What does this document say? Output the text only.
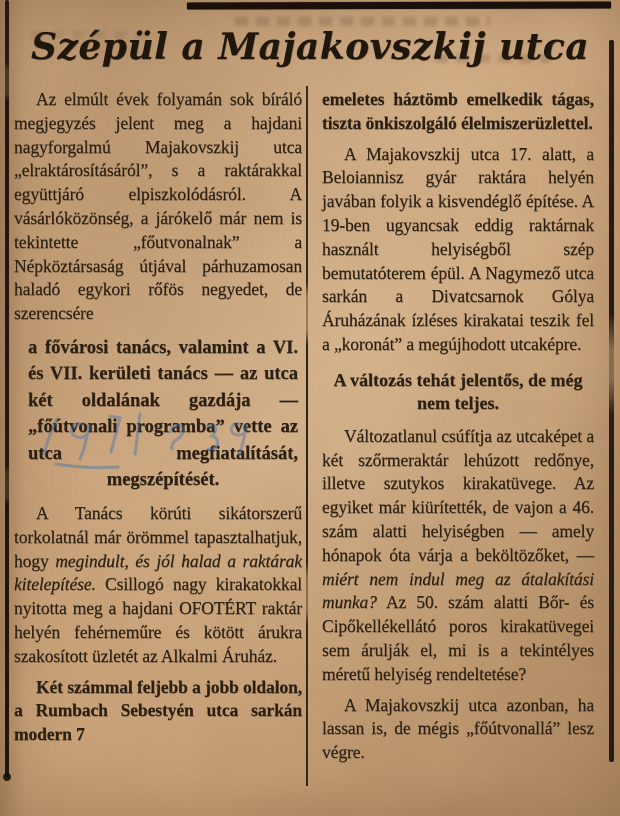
Szépül a Majakovszkij utca

Az elmúlt évek folyamán sok bíráló megjegyzés jelent meg a hajdani nagyforgalmú Majakovszkij utca „elraktárosításáról”, s a raktárakkal együttjáró elpiszkolódásról. A vásárlóközönség, a járókelő már nem is tekintette „főutvonalnak” a Népköztársaság útjával párhuzamosan haladó egykori rőfös negyedet, de szerencsére

a fővárosi tanács, valamint a VI. és VII. kerületi tanács — az utca két oldalának gazdája — „főútvonali programba” vette az utca megfiatalítását, megszépítését.

A Tanács körúti sikátorszerű torkolatnál már örömmel tapasztalhatjuk, hogy megindult, és jól halad a raktárak kitelepítése. Csillogó nagy kirakatokkal nyitotta meg a hajdani OFOTÉRT raktár helyén fehérneműre és kötött árukra szakosított üzletét az Alkalmi Áruház.

Két számmal feljebb a jobb oldalon, a Rumbach Sebestyén utca sarkán modern 7

emeletes háztömb emelkedik tágas, tiszta önkiszolgáló élelmiszerüzlettel.

A Majakovszkij utca 17. alatt, a Beloiannisz gyár raktára helyén javában folyik a kisvendéglő építése. A 19-ben ugyancsak eddig raktárnak használt helyiségből szép bemutatóterem épül. A Nagymező utca sarkán a Divatcsarnok Gólya Áruházának ízléses kirakatai teszik fel a „koronát” a megújhodott utcaképre.

A változás tehát jelentős, de még nem teljes.

Változatlanul csúfítja az utcaképet a két szőrmeraktár lehúzott redőnye, illetve szutykos kirakatüvege. Az egyiket már kiürítették, de vajon a 46. szám alatti helyiségben — amely hónapok óta várja a beköltözőket, — miért nem indul meg az átalakítási munka? Az 50. szám alatti Bőr- és Cipőkellékellátó poros kirakatüvegei sem árulják el, mi is a tekintélyes méretű helyiség rendeltetése?

A Majakovszkij utca azonban, ha lassan is, de mégis „főútvonallá” lesz végre.
